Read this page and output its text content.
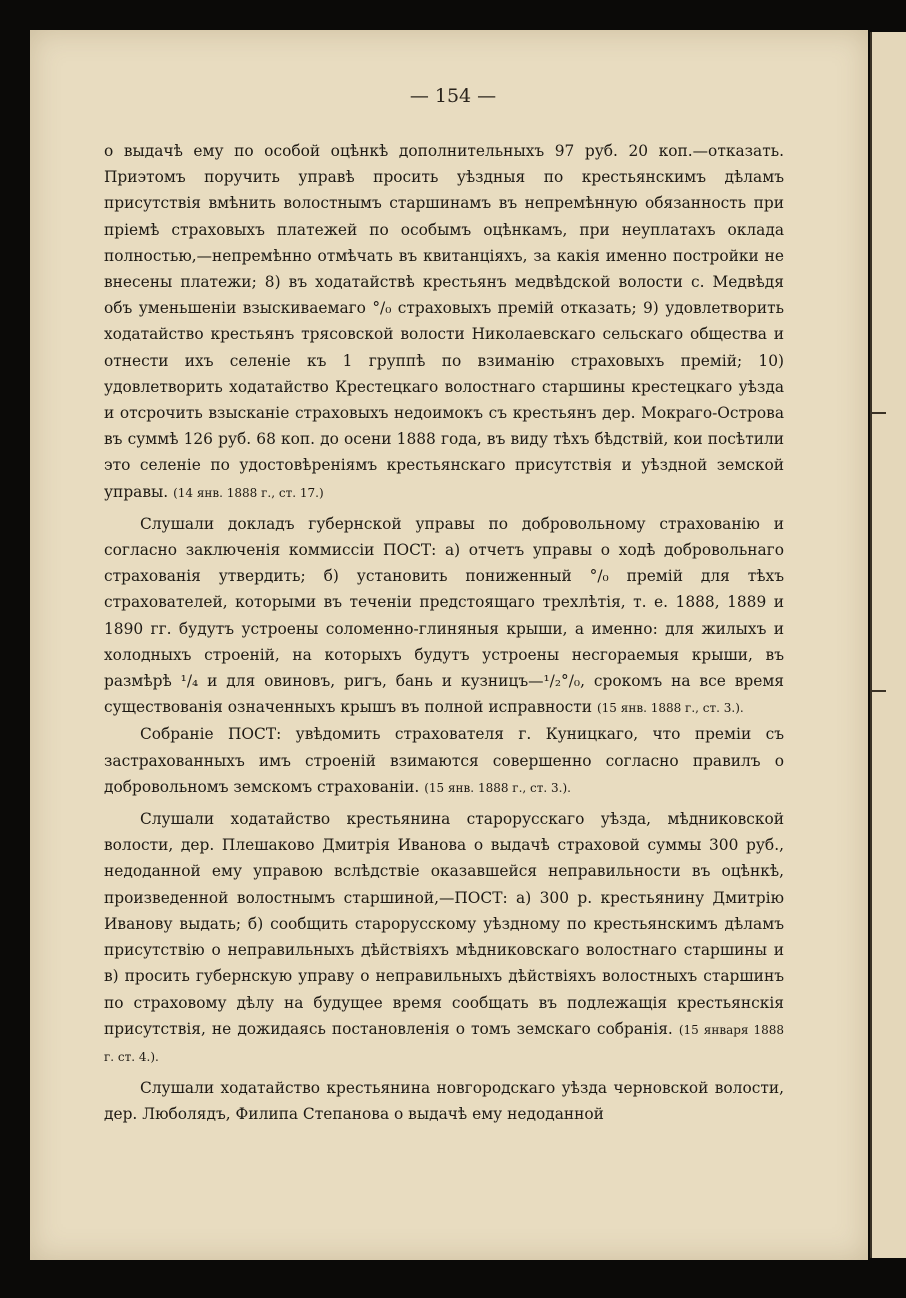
— 154 —

о выдачѣ ему по особой оцѣнкѣ дополнительныхъ 97 руб. 20 коп.—отказать. Приэтомъ поручить управѣ просить уѣздныя по крестьянскимъ дѣламъ присутствія вмѣнить волостнымъ старшинамъ въ непремѣнную обязанность при пріемѣ страховыхъ платежей по особымъ оцѣнкамъ, при неуплатахъ оклада полностью,—непремѣнно отмѣчать въ квитанціяхъ, за какія именно постройки не внесены платежи; 8) въ ходатайствѣ крестьянъ медвѣдской волости с. Медвѣдя объ уменьшеніи взыскиваемаго °/₀ страховыхъ премій отказать; 9) удовлетворить ходатайство крестьянъ трясовской волости Николаевскаго сельскаго общества и отнести ихъ селеніе къ 1 группѣ по взиманію страховыхъ премій; 10) удовлетворить ходатайство Крестецкаго волостнаго старшины крестецкаго уѣзда и отсрочить взысканіе страховыхъ недоимокъ съ крестьянъ дер. Мокраго-Острова въ суммѣ 126 руб. 68 коп. до осени 1888 года, въ виду тѣхъ бѣдствій, кои посѣтили это селеніе по удостовѣреніямъ крестьянскаго присутствія и уѣздной земской управы. (14 янв. 1888 г., ст. 17.)

Слушали докладъ губернской управы по добровольному страхованію и согласно заключенія коммиссіи ПОСТ: а) отчетъ управы о ходѣ добровольнаго страхованія утвердить; б) установить пониженный °/₀ премій для тѣхъ страхователей, которыми въ теченіи предстоящаго трехлѣтія, т. е. 1888, 1889 и 1890 гг. будутъ устроены соломенно-глиняныя крыши, а именно: для жилыхъ и холодныхъ строеній, на которыхъ будутъ устроены несгораемыя крыши, въ размѣрѣ ¹/₄ и для овиновъ, ригъ, бань и кузницъ—¹/₂°/₀, срокомъ на все время существованія означенныхъ крышъ въ полной исправности (15 янв. 1888 г., ст. 3.).

Собраніе ПОСТ: увѣдомить страхователя г. Куницкаго, что преміи съ застрахованныхъ имъ строеній взимаются совершенно согласно правилъ о добровольномъ земскомъ страхованіи. (15 янв. 1888 г., ст. 3.).

Слушали ходатайство крестьянина старорусскаго уѣзда, мѣдниковской волости, дер. Плешаково Дмитрія Иванова о выдачѣ страховой суммы 300 руб., недоданной ему управою вслѣдствіе оказавшейся неправильности въ оцѣнкѣ, произведенной волостнымъ старшиной,—ПОСТ: а) 300 р. крестьянину Дмитрію Иванову выдать; б) сообщить старорусскому уѣздному по крестьянскимъ дѣламъ присутствію о неправильныхъ дѣйствіяхъ мѣдниковскаго волостнаго старшины и в) просить губернскую управу о неправильныхъ дѣйствіяхъ волостныхъ старшинъ по страховому дѣлу на будущее время сообщать въ подлежащія крестьянскія присутствія, не дожидаясь постановленія о томъ земскаго собранія. (15 января 1888 г. ст. 4.).

Слушали ходатайство крестьянина новгородскаго уѣзда черновской волости, дер. Люболядъ, Филипа Степанова о выдачѣ ему недоданной
